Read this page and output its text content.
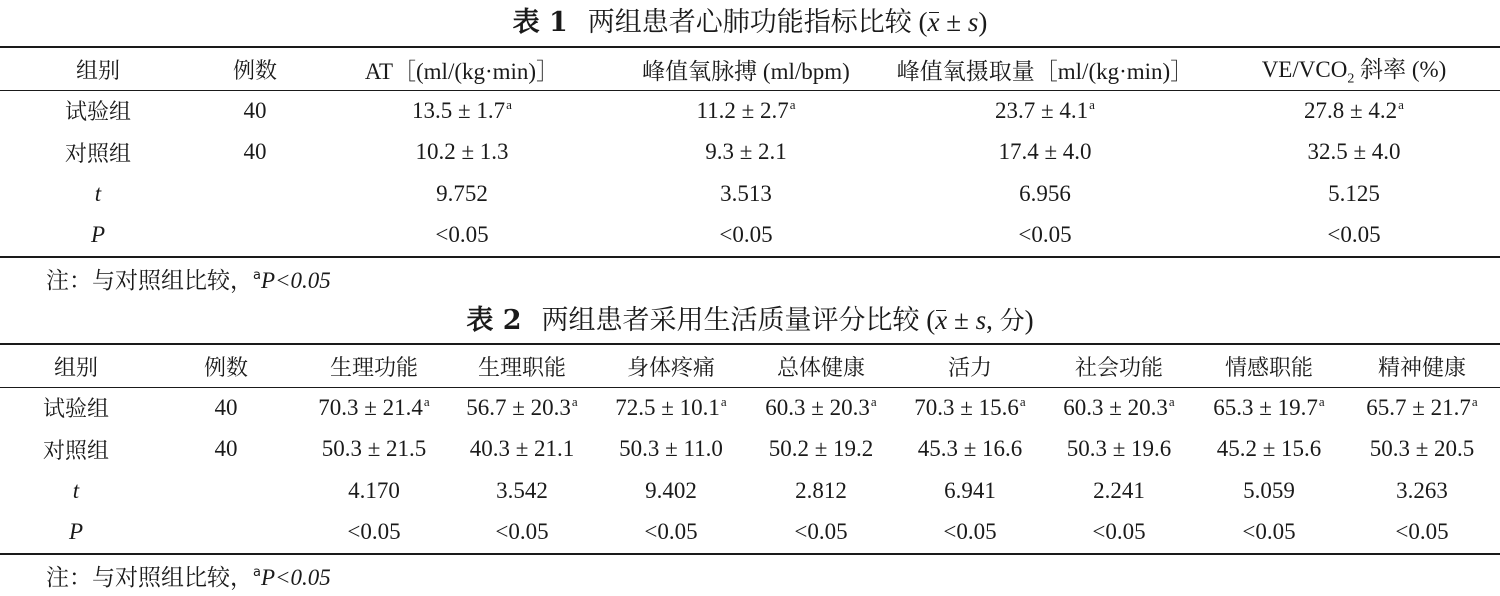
表 1 两组患者心肺功能指标比较 (x ± s)
组别	例数	AT［(ml/(kg·min)］	峰值氧脉搏 (ml/bpm)	峰值氧摄取量［ml/(kg·min)］	$VE/VCO_2$ 斜率 (%)
试验组	40	13.5 ± 1.7$^a$	11.2 ± 2.7$^a$	23.7 ± 4.1$^a$	27.8 ± 4.2$^a$
对照组	40	10.2 ± 1.3	9.3 ± 2.1	17.4 ± 4.0	32.5 ± 4.0
t		9.752	3.513	6.956	5.125
P		<0.05	<0.05	<0.05	<0.05
注：与对照组比较，$^a$P<0.05
表 2 两组患者采用生活质量评分比较 (x ± s, 分)
组别	例数	生理功能	生理职能	身体疼痛	总体健康	活力	社会功能	情感职能	精神健康
试验组	40	70.3 ± 21.4$^a$	56.7 ± 20.3$^a$	72.5 ± 10.1$^a$	60.3 ± 20.3$^a$	70.3 ± 15.6$^a$	60.3 ± 20.3$^a$	65.3 ± 19.7$^a$	65.7 ± 21.7$^a$
对照组	40	50.3 ± 21.5	40.3 ± 21.1	50.3 ± 11.0	50.2 ± 19.2	45.3 ± 16.6	50.3 ± 19.6	45.2 ± 15.6	50.3 ± 20.5
t		4.170	3.542	9.402	2.812	6.941	2.241	5.059	3.263
P		<0.05	<0.05	<0.05	<0.05	<0.05	<0.05	<0.05	<0.05
注：与对照组比较，$^a$P<0.05
